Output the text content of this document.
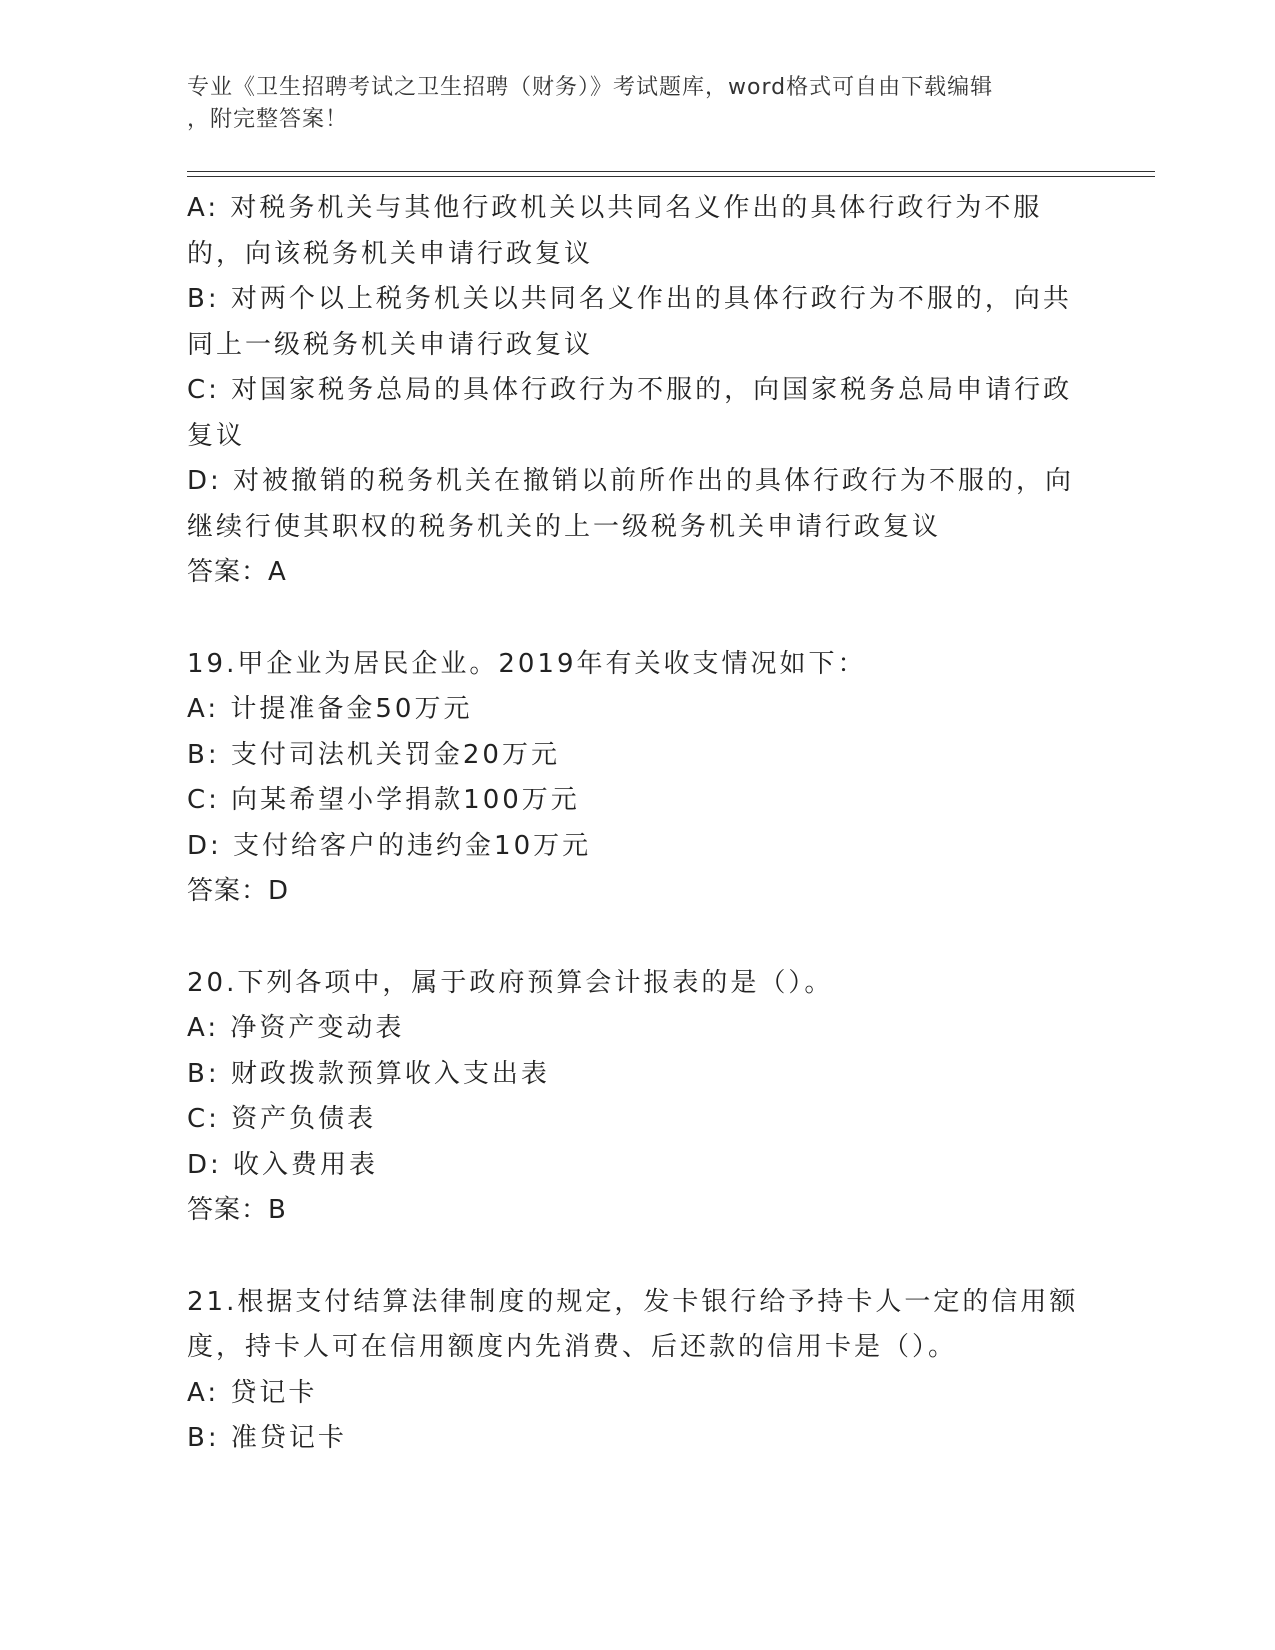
专业《卫生招聘考试之卫生招聘（财务）》考试题库，word格式可自由下载编辑
，附完整答案！

A: 对税务机关与其他行政机关以共同名义作出的具体行政行为不服的，向该税务机关申请行政复议

B: 对两个以上税务机关以共同名义作出的具体行政行为不服的，向共同上一级税务机关申请行政复议

C: 对国家税务总局的具体行政行为不服的，向国家税务总局申请行政复议

D: 对被撤销的税务机关在撤销以前所作出的具体行政行为不服的，向继续行使其职权的税务机关的上一级税务机关申请行政复议

答案：A

19.甲企业为居民企业。2019年有关收支情况如下：

A: 计提准备金50万元

B: 支付司法机关罚金20万元

C: 向某希望小学捐款100万元

D: 支付给客户的违约金10万元

答案：D

20.下列各项中，属于政府预算会计报表的是（）。

A: 净资产变动表

B: 财政拨款预算收入支出表

C: 资产负债表

D: 收入费用表

答案：B

21.根据支付结算法律制度的规定，发卡银行给予持卡人一定的信用额度，持卡人可在信用额度内先消费、后还款的信用卡是（）。

A: 贷记卡

B: 准贷记卡
